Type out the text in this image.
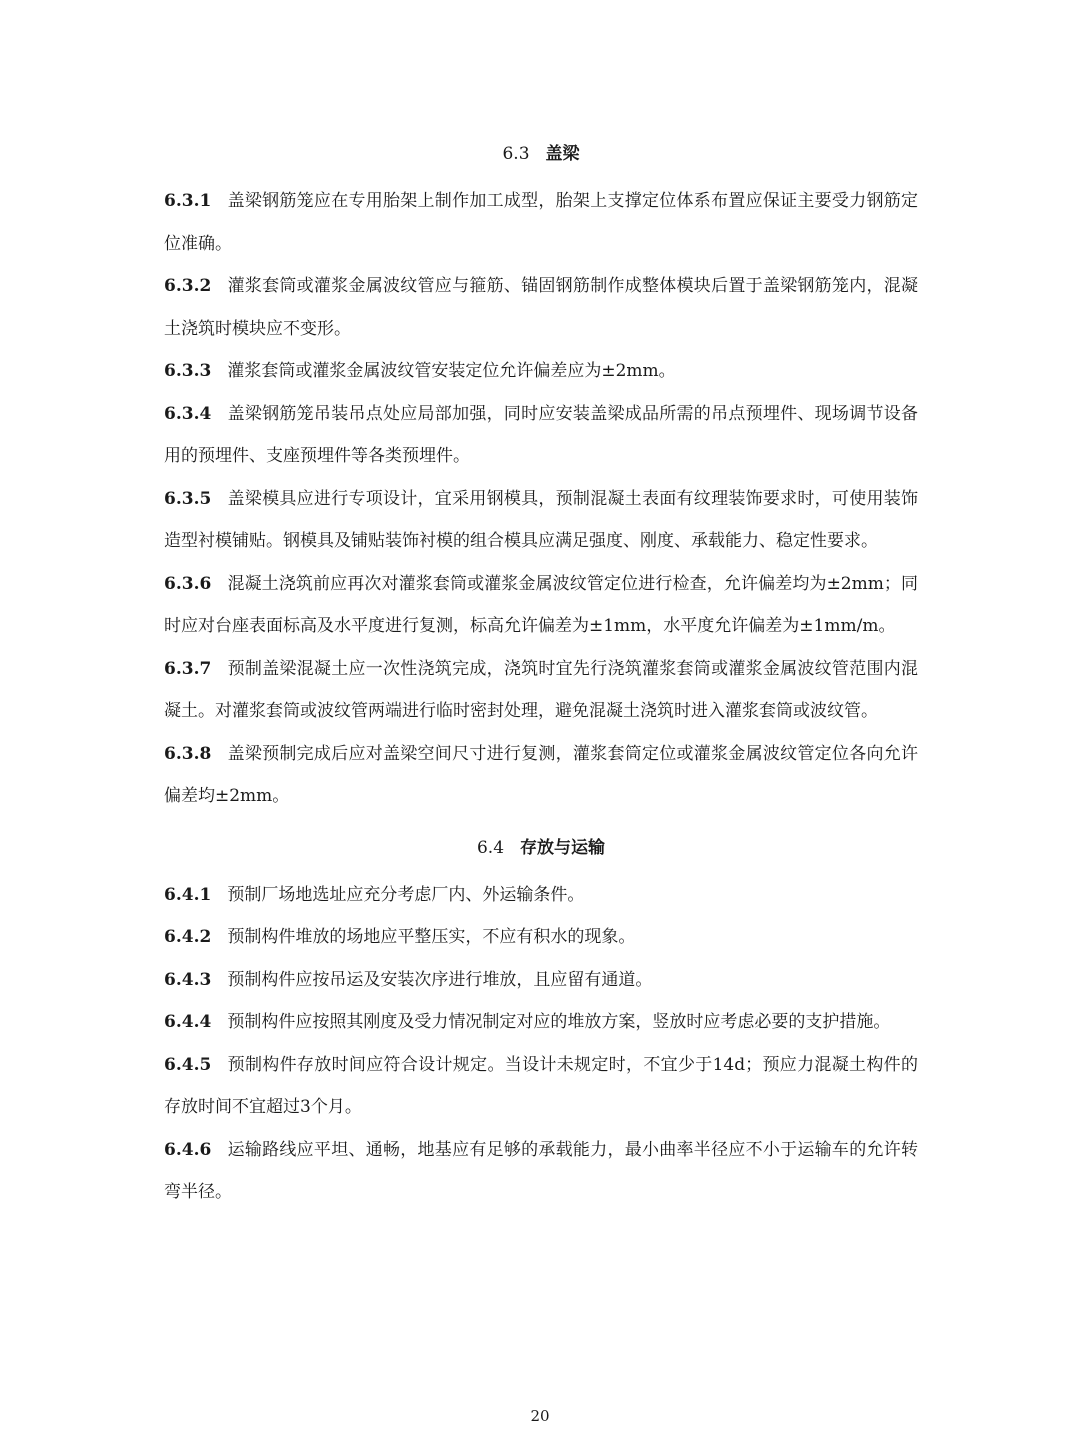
6.3 盖梁

6.3.1 盖梁钢筋笼应在专用胎架上制作加工成型，胎架上支撑定位体系布置应保证主要受力钢筋定位准确。

6.3.2 灌浆套筒或灌浆金属波纹管应与箍筋、锚固钢筋制作成整体模块后置于盖梁钢筋笼内，混凝土浇筑时模块应不变形。

6.3.3 灌浆套筒或灌浆金属波纹管安装定位允许偏差应为±2mm。

6.3.4 盖梁钢筋笼吊装吊点处应局部加强，同时应安装盖梁成品所需的吊点预埋件、现场调节设备用的预埋件、支座预埋件等各类预埋件。

6.3.5 盖梁模具应进行专项设计，宜采用钢模具，预制混凝土表面有纹理装饰要求时，可使用装饰造型衬模铺贴。钢模具及铺贴装饰衬模的组合模具应满足强度、刚度、承载能力、稳定性要求。

6.3.6 混凝土浇筑前应再次对灌浆套筒或灌浆金属波纹管定位进行检查，允许偏差均为±2mm；同时应对台座表面标高及水平度进行复测，标高允许偏差为±1mm，水平度允许偏差为±1mm/m。

6.3.7 预制盖梁混凝土应一次性浇筑完成，浇筑时宜先行浇筑灌浆套筒或灌浆金属波纹管范围内混凝土。对灌浆套筒或波纹管两端进行临时密封处理，避免混凝土浇筑时进入灌浆套筒或波纹管。

6.3.8 盖梁预制完成后应对盖梁空间尺寸进行复测，灌浆套筒定位或灌浆金属波纹管定位各向允许偏差均±2mm。

6.4 存放与运输

6.4.1 预制厂场地选址应充分考虑厂内、外运输条件。

6.4.2 预制构件堆放的场地应平整压实，不应有积水的现象。

6.4.3 预制构件应按吊运及安装次序进行堆放，且应留有通道。

6.4.4 预制构件应按照其刚度及受力情况制定对应的堆放方案，竖放时应考虑必要的支护措施。

6.4.5 预制构件存放时间应符合设计规定。当设计未规定时，不宜少于14d；预应力混凝土构件的存放时间不宜超过3个月。

6.4.6 运输路线应平坦、通畅，地基应有足够的承载能力，最小曲率半径应不小于运输车的允许转弯半径。

20
